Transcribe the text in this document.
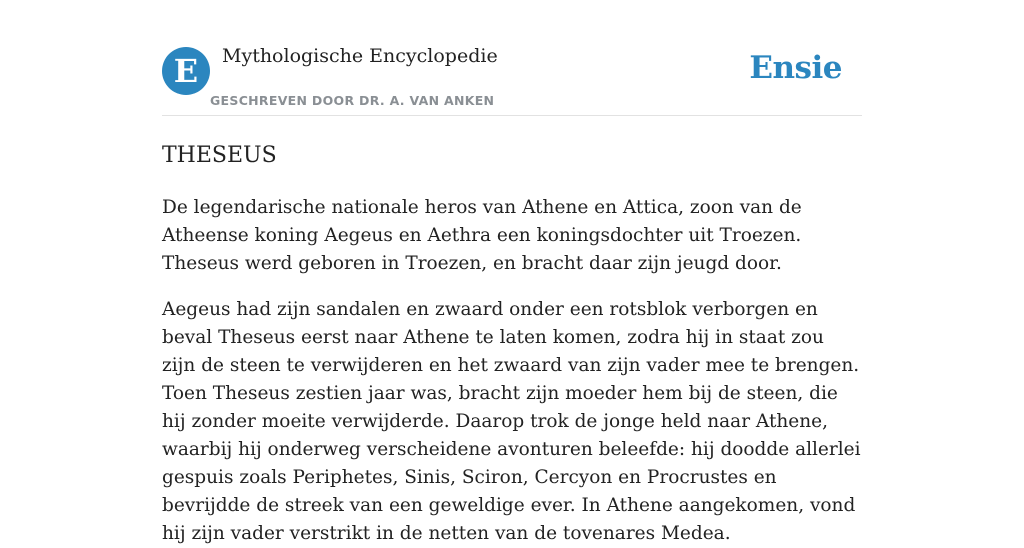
E	Mythologische Encyclopedie
GESCHREVEN DOOR DR. A. VAN ANKEN
Ensie
THESEUS

De legendarische nationale heros van Athene en Attica, zoon van de Atheense koning Aegeus en Aethra een koningsdochter uit Troezen. Theseus werd geboren in Troezen, en bracht daar zijn jeugd door.

Aegeus had zijn sandalen en zwaard onder een rotsblok verborgen en beval Theseus eerst naar Athene te laten komen, zodra hij in staat zou zijn de steen te verwijderen en het zwaard van zijn vader mee te brengen. Toen Theseus zestien jaar was, bracht zijn moeder hem bij de steen, die hij zonder moeite verwijderde. Daarop trok de jonge held naar Athene, waarbij hij onderweg verscheidene avonturen beleefde: hij doodde allerlei gespuis zoals Periphetes, Sinis, Sciron, Cercyon en Procrustes en bevrijdde de streek van een geweldige ever. In Athene aangekomen, vond hij zijn vader verstrikt in de netten van de tovenares Medea.
